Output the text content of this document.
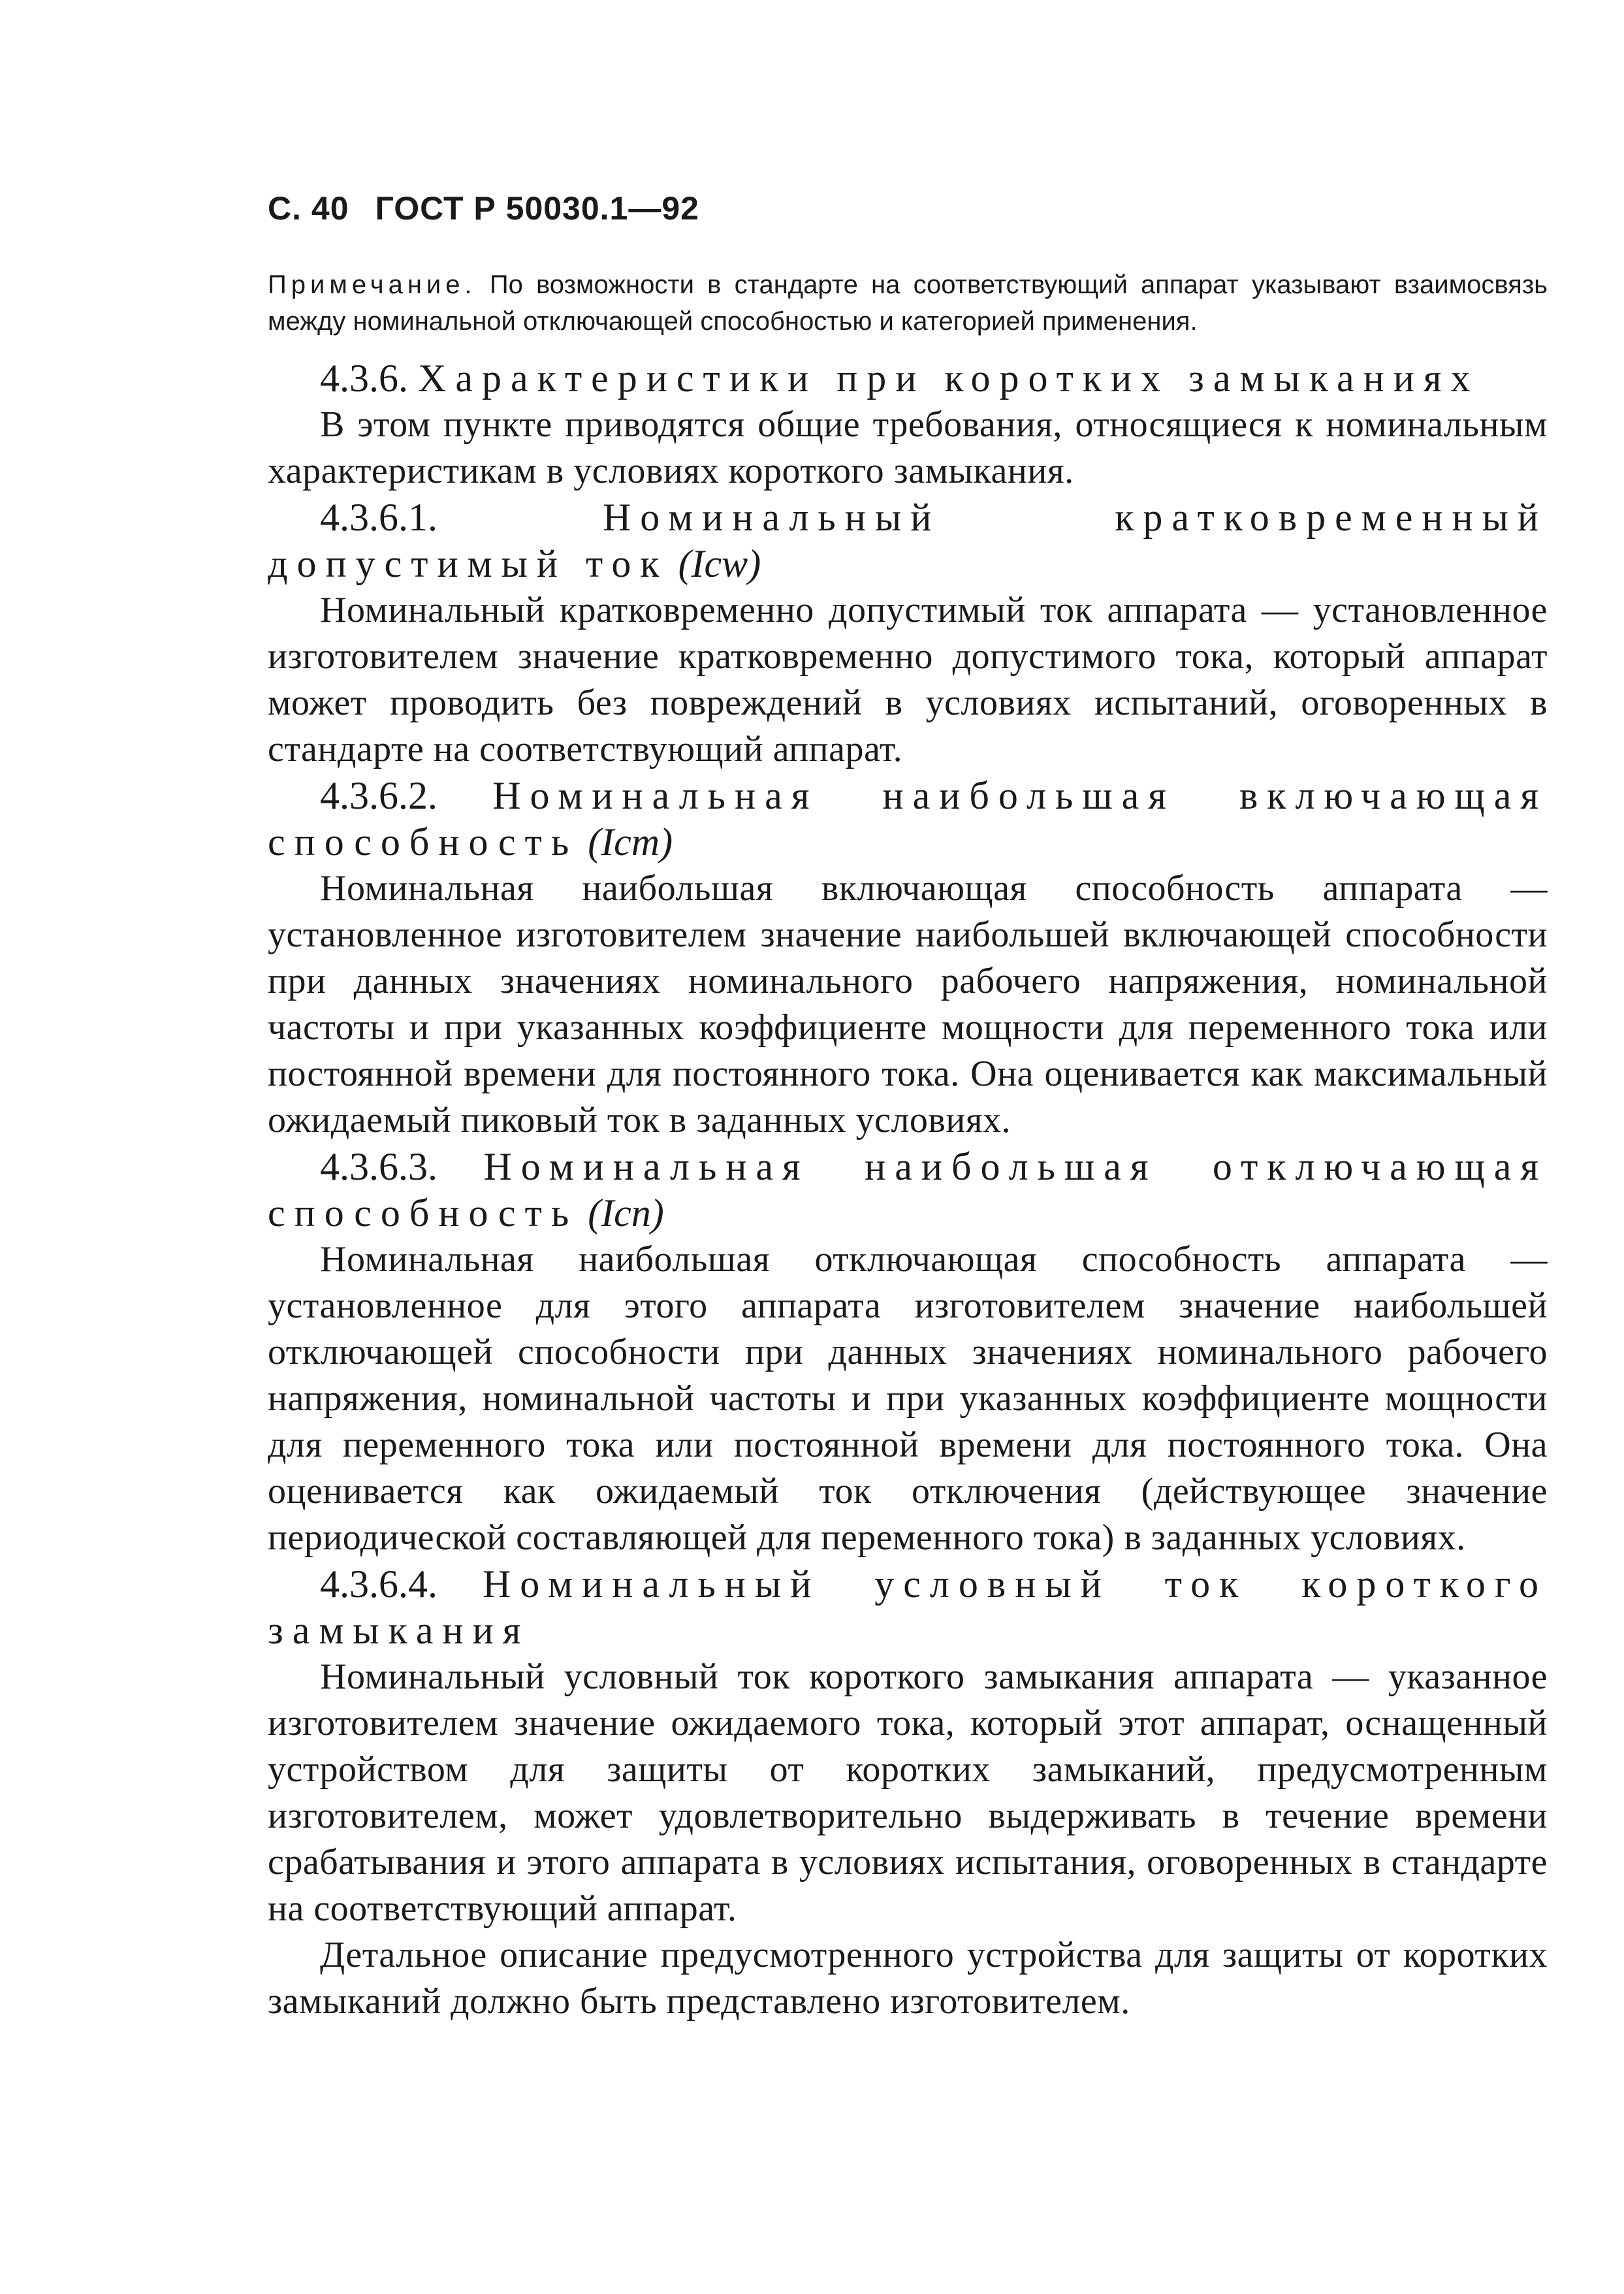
С. 40 ГОСТ Р 50030.1—92
Примечание. По возможности в стандарте на соответствующий аппарат указывают взаимосвязь между номинальной отключающей способностью и категорией применения.
4.3.6. Характеристики при коротких замыканиях
В этом пункте приводятся общие требования, относящиеся к номинальным характеристикам в условиях короткого замыкания.
4.3.6.1.	Номинальный кратковременный допустимый ток (Icw)
Номинальный кратковременно допустимый ток аппарата — установленное изготовителем значение кратковременно допустимого тока, который аппарат может проводить без повреждений в условиях испытаний, оговоренных в стандарте на соответствующий аппарат.
4.3.6.2. Номинальная наибольшая включающая способность (Icm)
Номинальная наибольшая включающая способность аппарата — установленное изготовителем значение наибольшей включающей способности при данных значениях номинального рабочего напряжения, номинальной частоты и при указанных коэффициенте мощности для переменного тока или постоянной времени для постоянного тока. Она оценивается как максимальный ожидаемый пиковый ток в заданных условиях.
4.3.6.3. Номинальная наибольшая отключающая способность (Icn)
Номинальная наибольшая отключающая способность аппарата — установленное для этого аппарата изготовителем значение наибольшей отключающей способности при данных значениях номинального рабочего напряжения, номинальной частоты и при указанных коэффициенте мощности для переменного тока или постоянной времени для постоянного тока. Она оценивается как ожидаемый ток отключения (действующее значение периодической составляющей для переменного тока) в заданных условиях.
4.3.6.4. Номинальный условный ток короткого замыкания
Номинальный условный ток короткого замыкания аппарата — указанное изготовителем значение ожидаемого тока, который этот аппарат, оснащенный устройством для защиты от коротких замыканий, предусмотренным изготовителем, может удовлетворительно выдерживать в течение времени срабатывания и этого аппарата в условиях испытания, оговоренных в стандарте на соответствующий аппарат.
Детальное описание предусмотренного устройства для защиты от коротких замыканий должно быть представлено изготовителем.
